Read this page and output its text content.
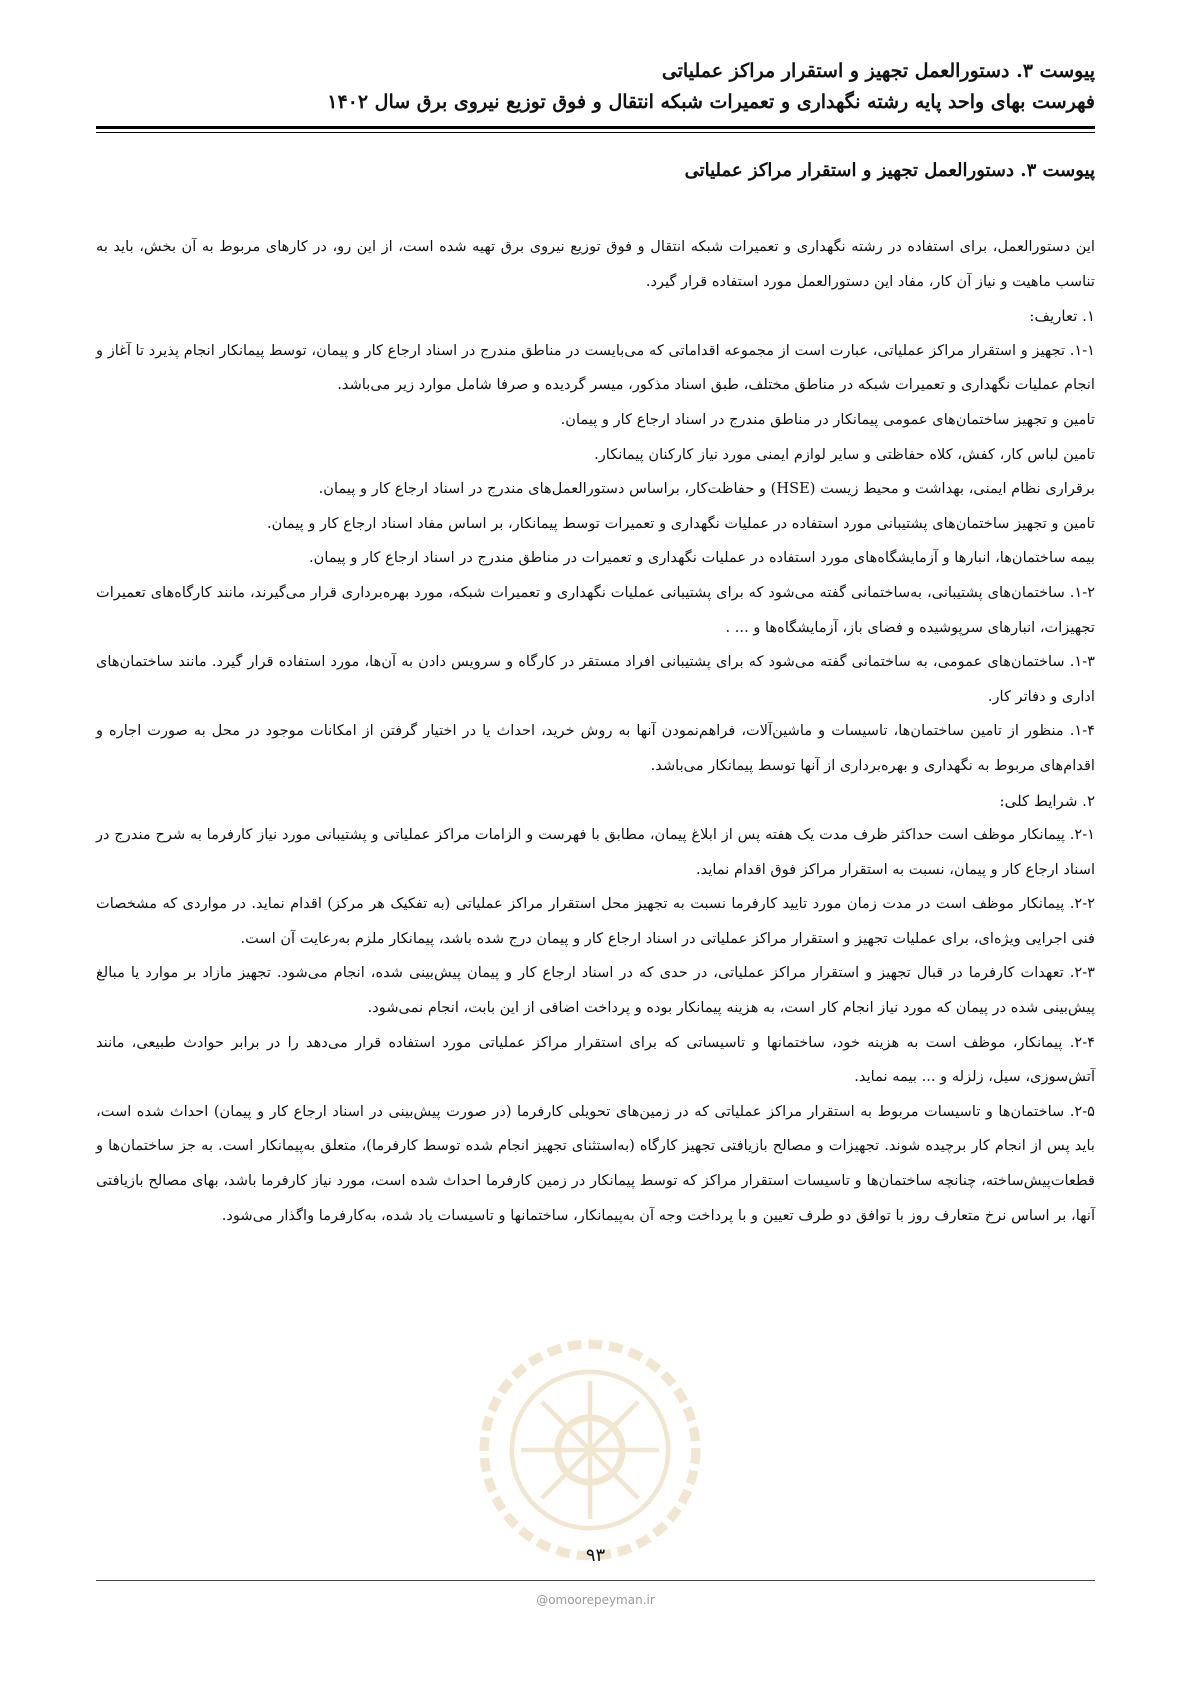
پیوست ۳. دستورالعمل تجهیز و استقرار مراکز عملیاتی
فهرست بهای واحد پایه رشته نگهداری و تعمیرات شبکه انتقال و فوق توزیع نیروی برق سال ۱۴۰۲
پیوست ۳. دستورالعمل تجهیز و استقرار مراکز عملیاتی

این دستورالعمل، برای استفاده در رشته نگهداری و تعمیرات شبکه انتقال و فوق توزیع نیروی برق تهیه شده است، از این رو، در کارهای مربوط به آن بخش، باید به تناسب ماهیت و نیاز آن کار، مفاد این دستورالعمل مورد استفاده قرار گیرد.

۱. تعاریف:

۱-۱. تجهیز و استقرار مراکز عملیاتی، عبارت است از مجموعه اقداماتی که می‌بایست در مناطق مندرج در اسناد ارجاع کار و پیمان، توسط پیمانکار انجام پذیرد تا آغاز و انجام عملیات نگهداری و تعمیرات شبکه در مناطق مختلف، طبق اسناد مذکور، میسر گردیده و صرفا شامل موارد زیر می‌باشد.

تامین و تجهیز ساختمان‌های عمومی پیمانکار در مناطق مندرج در اسناد ارجاع کار و پیمان.

تامین لباس کار، کفش، کلاه حفاظتی و سایر لوازم ایمنی مورد نیاز کارکنان پیمانکار.

برقراری نظام ایمنی، بهداشت و محیط زیست (HSE) و حفاظت‌کار، براساس دستورالعمل‌های مندرج در اسناد ارجاع کار و پیمان.

تامین و تجهیز ساختمان‌های پشتیبانی مورد استفاده در عملیات نگهداری و تعمیرات توسط پیمانکار، بر اساس مفاد اسناد ارجاع کار و پیمان.

بیمه ساختمان‌ها، انبارها و آزمایشگاه‌های مورد استفاده در عملیات نگهداری و تعمیرات در مناطق مندرج در اسناد ارجاع کار و پیمان.

۱-۲. ساختمان‌های پشتیبانی، به‌ساختمانی گفته می‌شود که برای پشتیبانی عملیات نگهداری و تعمیرات شبکه، مورد بهره‌برداری قرار می‌گیرند، مانند کارگاه‌های تعمیرات تجهیزات، انبارهای سرپوشیده و فضای باز، آزمایشگاه‌ها و ... .

۱-۳. ساختمان‌های عمومی، به ساختمانی گفته می‌شود که برای پشتیبانی افراد مستقر در کارگاه و سرویس دادن به آن‌ها، مورد استفاده قرار گیرد. مانند ساختمان‌های اداری و دفاتر کار.

۱-۴. منظور از تامین ساختمان‌ها، تاسیسات و ماشین‌آلات، فراهم‌نمودن آنها به روش خرید، احداث یا در اختیار گرفتن از امکانات موجود در محل به صورت اجاره و اقدام‌های مربوط به نگهداری و بهره‌برداری از آنها توسط پیمانکار می‌باشد.

۲. شرایط کلی:

۲-۱. پیمانکار موظف است حداکثر ظرف مدت یک هفته پس از ابلاغ پیمان، مطابق با فهرست و الزامات مراکز عملیاتی و پشتیبانی مورد نیاز کارفرما به شرح مندرج در اسناد ارجاع کار و پیمان، نسبت به استقرار مراکز فوق اقدام نماید.

۲-۲. پیمانکار موظف است در مدت زمان مورد تایید کارفرما نسبت به تجهیز محل استقرار مراکز عملیاتی (به تفکیک هر مرکز) اقدام نماید. در مواردی که مشخصات فنی اجرایی ویژه‌ای، برای عملیات تجهیز و استقرار مراکز عملیاتی در اسناد ارجاع کار و پیمان درج شده باشد، پیمانکار ملزم به‌رعایت آن است.

۲-۳. تعهدات کارفرما در قبال تجهیز و استقرار مراکز عملیاتی، در حدی که در اسناد ارجاع کار و پیمان پیش‌بینی شده، انجام می‌شود. تجهیز مازاد بر موارد یا مبالغ پیش‌بینی شده در پیمان که مورد نیاز انجام کار است، به هزینه پیمانکار بوده و پرداخت اضافی از این بابت، انجام نمی‌شود.

۲-۴. پیمانکار، موظف است به هزینه خود، ساختمانها و تاسیساتی که برای استقرار مراکز عملیاتی مورد استفاده قرار می‌دهد را در برابر حوادث طبیعی، مانند آتش‌سوزی، سیل، زلزله و ... بیمه نماید.

۲-۵. ساختمان‌ها و تاسیسات مربوط به استقرار مراکز عملیاتی که در زمین‌های تحویلی کارفرما (در صورت پیش‌بینی در اسناد ارجاع کار و پیمان) احداث شده است، باید پس از انجام کار برچیده شوند. تجهیزات و مصالح بازیافتی تجهیز کارگاه (به‌استثنای تجهیز انجام شده توسط کارفرما)، متعلق به‌پیمانکار است. به جز ساختمان‌ها و قطعات‌پیش‌ساخته، چنانچه ساختمان‌ها و تاسیسات استقرار مراکز که توسط پیمانکار در زمین کارفرما احداث شده است، مورد نیاز کارفرما باشد، بهای مصالح بازیافتی آنها، بر اساس نرخ متعارف روز با توافق دو طرف تعیین و با پرداخت وجه آن به‌پیمانکار، ساختمانها و تاسیسات یاد شده، به‌کارفرما واگذار می‌شود.

۹۳
@omoorepeyman.ir
